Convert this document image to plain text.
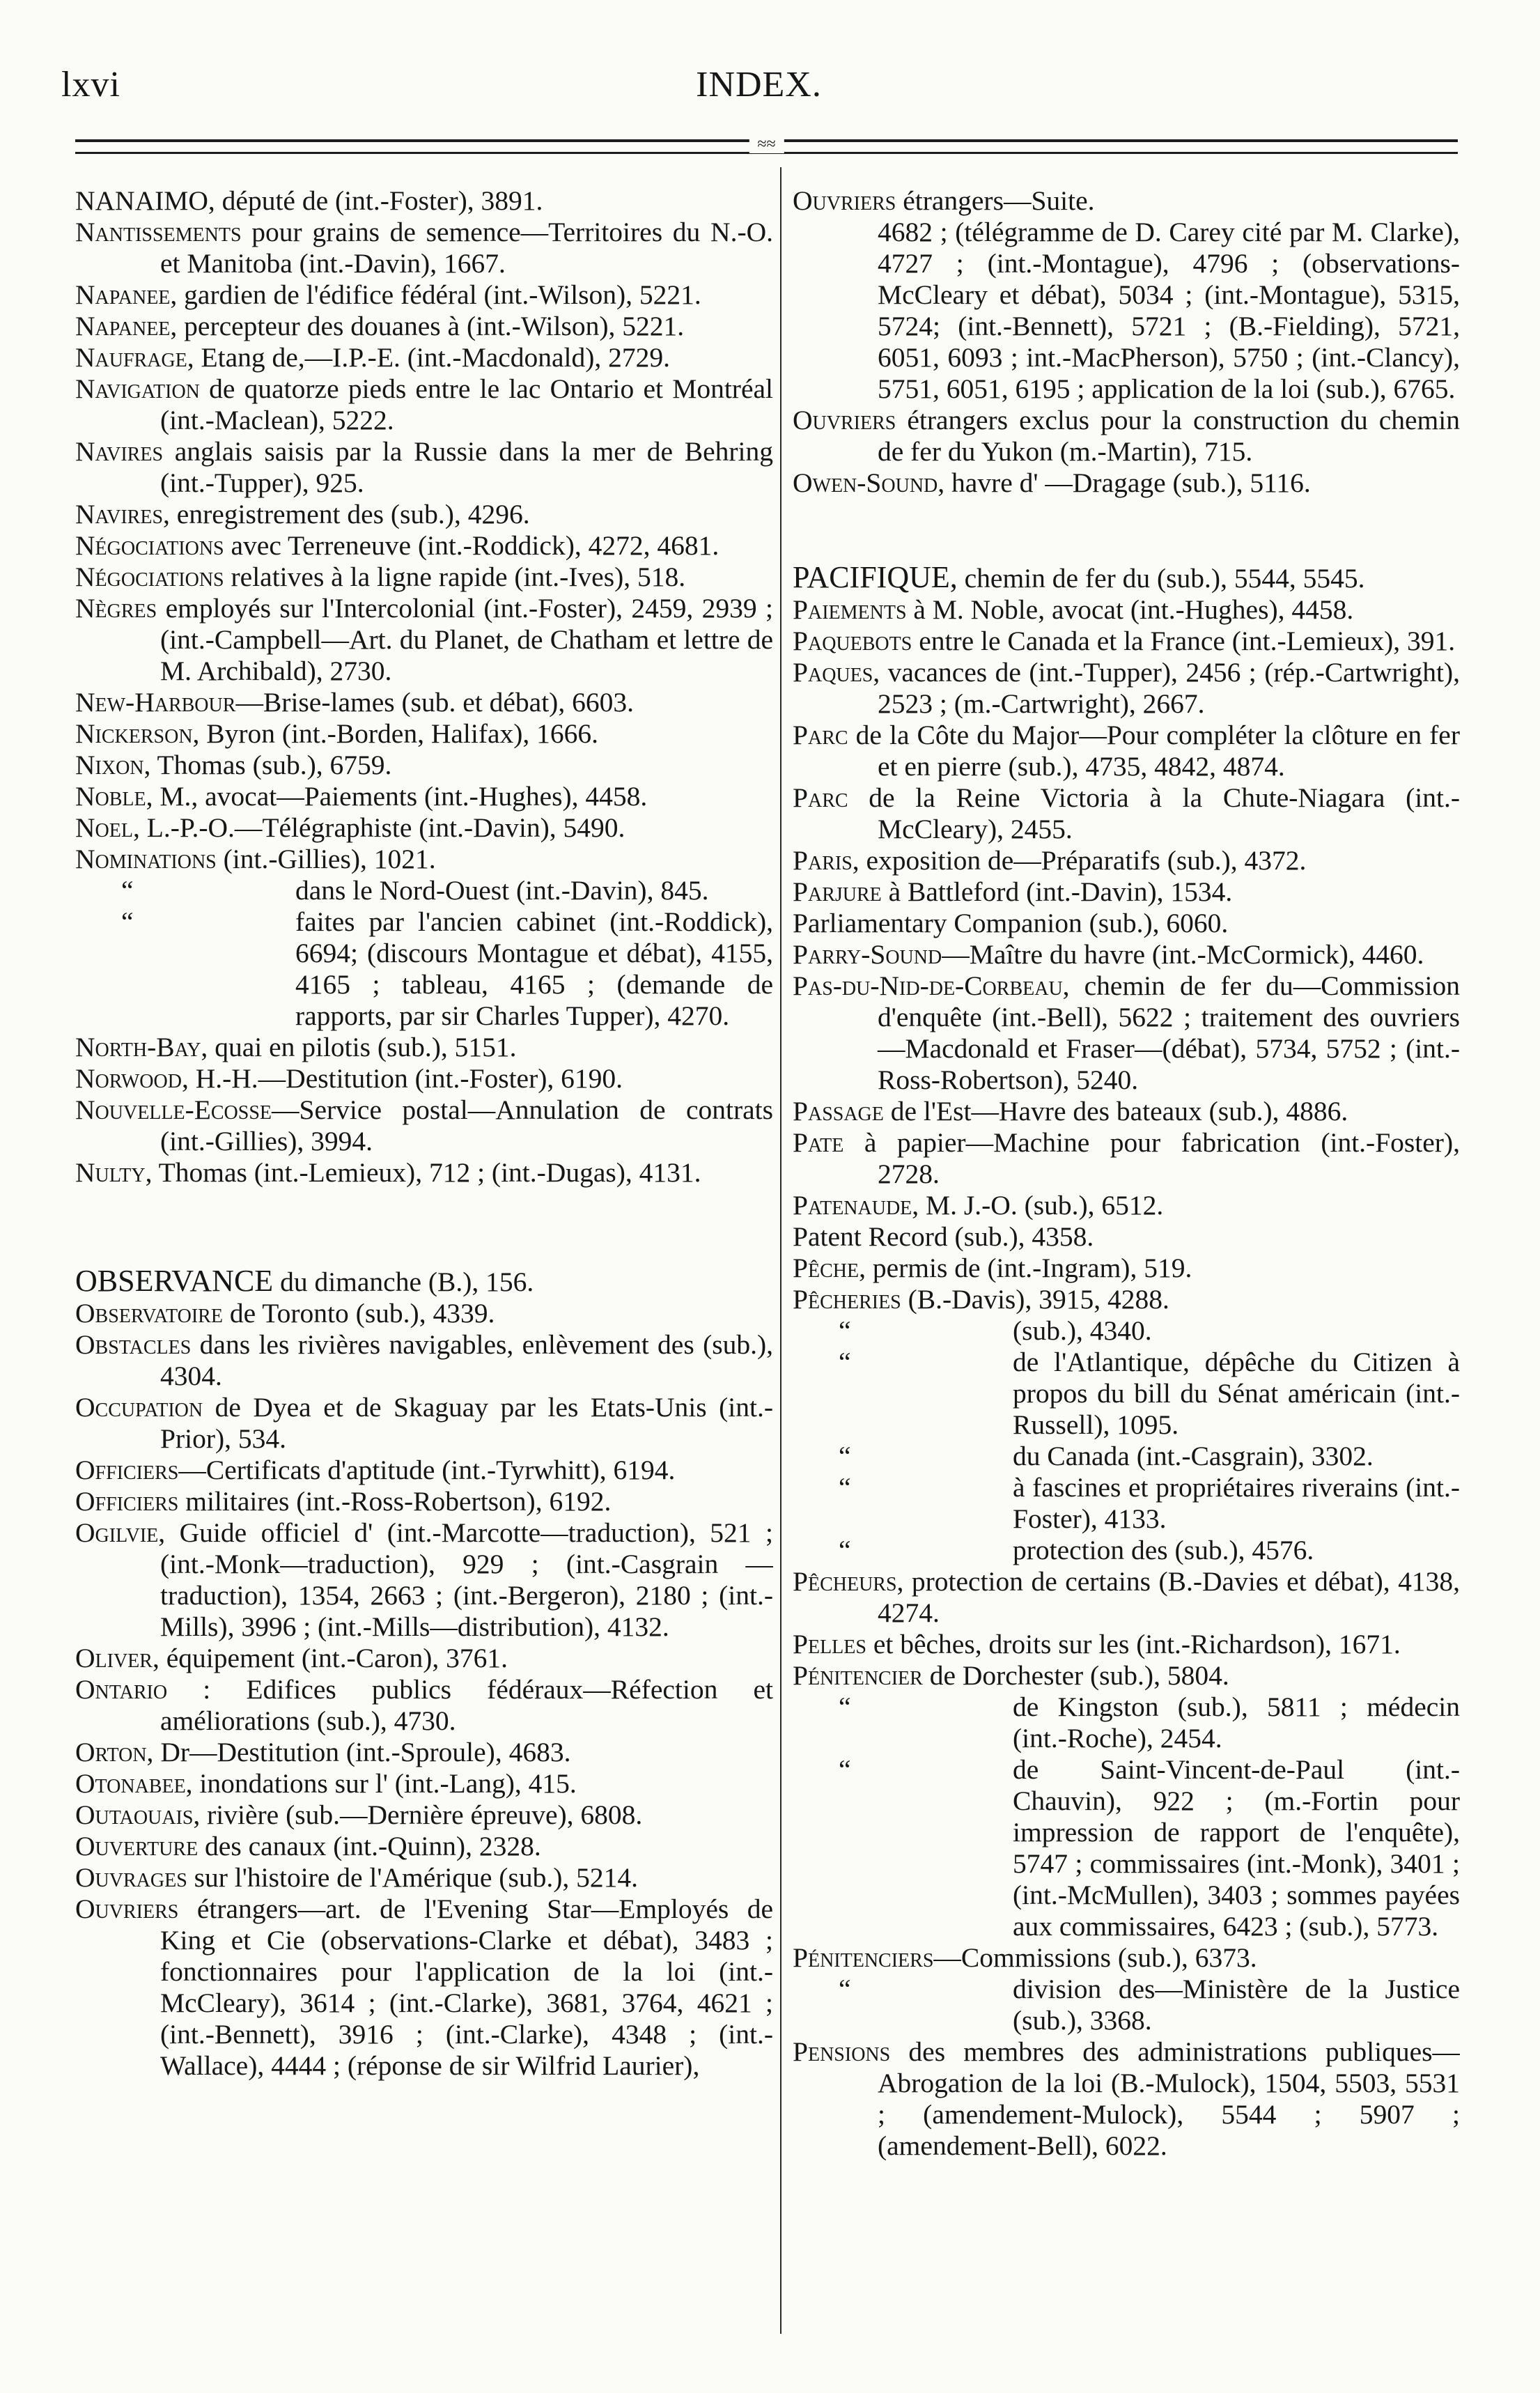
lxvi	INDEX.
≈≈

NANAIMO, député de (int.-Foster), 3891.

Nantissements pour grains de semence—Territoires du N.-O. et Manitoba (int.-Davin), 1667.

Napanee, gardien de l'édifice fédéral (int.-Wilson), 5221.

Napanee, percepteur des douanes à (int.-Wilson), 5221.

Naufrage, Etang de,—I.P.-E. (int.-Macdonald), 2729.

Navigation de quatorze pieds entre le lac Ontario et Montréal (int.-Maclean), 5222.

Navires anglais saisis par la Russie dans la mer de Behring (int.-Tupper), 925.

Navires, enregistrement des (sub.), 4296.

Négociations avec Terreneuve (int.-Roddick), 4272, 4681.

Négociations relatives à la ligne rapide (int.-Ives), 518.

Nègres employés sur l'Intercolonial (int.-Foster), 2459, 2939 ; (int.-Campbell—Art. du Planet, de Chatham et lettre de M. Archibald), 2730.

New-Harbour—Brise-lames (sub. et débat), 6603.

Nickerson, Byron (int.-Borden, Halifax), 1666.

Nixon, Thomas (sub.), 6759.

Noble, M., avocat—Paiements (int.-Hughes), 4458.

Noel, L.-P.-O.—Télégraphiste (int.-Davin), 5490.

Nominations (int.-Gillies), 1021.

“	dans le Nord-Ouest (int.-Davin), 845.

“	faites par l'ancien cabinet (int.-Roddick), 6694; (discours Montague et débat), 4155, 4165 ; tableau, 4165 ; (demande de rapports, par sir Charles Tupper), 4270.

North-Bay, quai en pilotis (sub.), 5151.

Norwood, H.-H.—Destitution (int.-Foster), 6190.

Nouvelle-Ecosse—Service postal—Annulation de contrats (int.-Gillies), 3994.

Nulty, Thomas (int.-Lemieux), 712 ; (int.-Dugas), 4131.

OBSERVANCE du dimanche (B.), 156.

Observatoire de Toronto (sub.), 4339.

Obstacles dans les rivières navigables, enlèvement des (sub.), 4304.

Occupation de Dyea et de Skaguay par les Etats-Unis (int.-Prior), 534.

Officiers—Certificats d'aptitude (int.-Tyrwhitt), 6194.

Officiers militaires (int.-Ross-Robertson), 6192.

Ogilvie, Guide officiel d' (int.-Marcotte—traduction), 521 ; (int.-Monk—traduction), 929 ; (int.-Casgrain — traduction), 1354, 2663 ; (int.-Bergeron), 2180 ; (int.-Mills), 3996 ; (int.-Mills—distribution), 4132.

Oliver, équipement (int.-Caron), 3761.

Ontario : Edifices publics fédéraux—Réfection et améliorations (sub.), 4730.

Orton, Dr—Destitution (int.-Sproule), 4683.

Otonabee, inondations sur l' (int.-Lang), 415.

Outaouais, rivière (sub.—Dernière épreuve), 6808.

Ouverture des canaux (int.-Quinn), 2328.

Ouvrages sur l'histoire de l'Amérique (sub.), 5214.

Ouvriers étrangers—art. de l'Evening Star—Employés de King et Cie (observations-Clarke et débat), 3483 ; fonctionnaires pour l'application de la loi (int.-McCleary), 3614 ; (int.-Clarke), 3681, 3764, 4621 ; (int.-Bennett), 3916 ; (int.-Clarke), 4348 ; (int.-Wallace), 4444 ; (réponse de sir Wilfrid Laurier),

Ouvriers étrangers—Suite.

4682 ; (télégramme de D. Carey cité par M. Clarke), 4727 ; (int.-Montague), 4796 ; (observations-McCleary et débat), 5034 ; (int.-Montague), 5315, 5724; (int.-Bennett), 5721 ; (B.-Fielding), 5721, 6051, 6093 ; int.-MacPherson), 5750 ; (int.-Clancy), 5751, 6051, 6195 ; application de la loi (sub.), 6765.

Ouvriers étrangers exclus pour la construction du chemin de fer du Yukon (m.-Martin), 715.

Owen-Sound, havre d' —Dragage (sub.), 5116.

PACIFIQUE, chemin de fer du (sub.), 5544, 5545.

Paiements à M. Noble, avocat (int.-Hughes), 4458.

Paquebots entre le Canada et la France (int.-Lemieux), 391.

Paques, vacances de (int.-Tupper), 2456 ; (rép.-Cartwright), 2523 ; (m.-Cartwright), 2667.

Parc de la Côte du Major—Pour compléter la clôture en fer et en pierre (sub.), 4735, 4842, 4874.

Parc de la Reine Victoria à la Chute-Niagara (int.-McCleary), 2455.

Paris, exposition de—Préparatifs (sub.), 4372.

Parjure à Battleford (int.-Davin), 1534.

Parliamentary Companion (sub.), 6060.

Parry-Sound—Maître du havre (int.-McCormick), 4460.

Pas-du-Nid-de-Corbeau, chemin de fer du—Commission d'enquête (int.-Bell), 5622 ; traitement des ouvriers—Macdonald et Fraser—(débat), 5734, 5752 ; (int.-Ross-Robertson), 5240.

Passage de l'Est—Havre des bateaux (sub.), 4886.

Pate à papier—Machine pour fabrication (int.-Foster), 2728.

Patenaude, M. J.-O. (sub.), 6512.

Patent Record (sub.), 4358.

Pêche, permis de (int.-Ingram), 519.

Pêcheries (B.-Davis), 3915, 4288.

“	(sub.), 4340.

“	de l'Atlantique, dépêche du Citizen à propos du bill du Sénat américain (int.-Russell), 1095.

“	du Canada (int.-Casgrain), 3302.

“	à fascines et propriétaires riverains (int.-Foster), 4133.

“	protection des (sub.), 4576.

Pêcheurs, protection de certains (B.-Davies et débat), 4138, 4274.

Pelles et bêches, droits sur les (int.-Richardson), 1671.

Pénitencier de Dorchester (sub.), 5804.

“	de Kingston (sub.), 5811 ; médecin (int.-Roche), 2454.

“	de Saint-Vincent-de-Paul (int.-Chauvin), 922 ; (m.-Fortin pour impression de rapport de l'enquête), 5747 ; commissaires (int.-Monk), 3401 ; (int.-McMullen), 3403 ; sommes payées aux commissaires, 6423 ; (sub.), 5773.

Pénitenciers—Commissions (sub.), 6373.

“	division des—Ministère de la Justice (sub.), 3368.

Pensions des membres des administrations publiques—Abrogation de la loi (B.-Mulock), 1504, 5503, 5531 ; (amendement-Mulock), 5544 ; 5907 ; (amendement-Bell), 6022.
